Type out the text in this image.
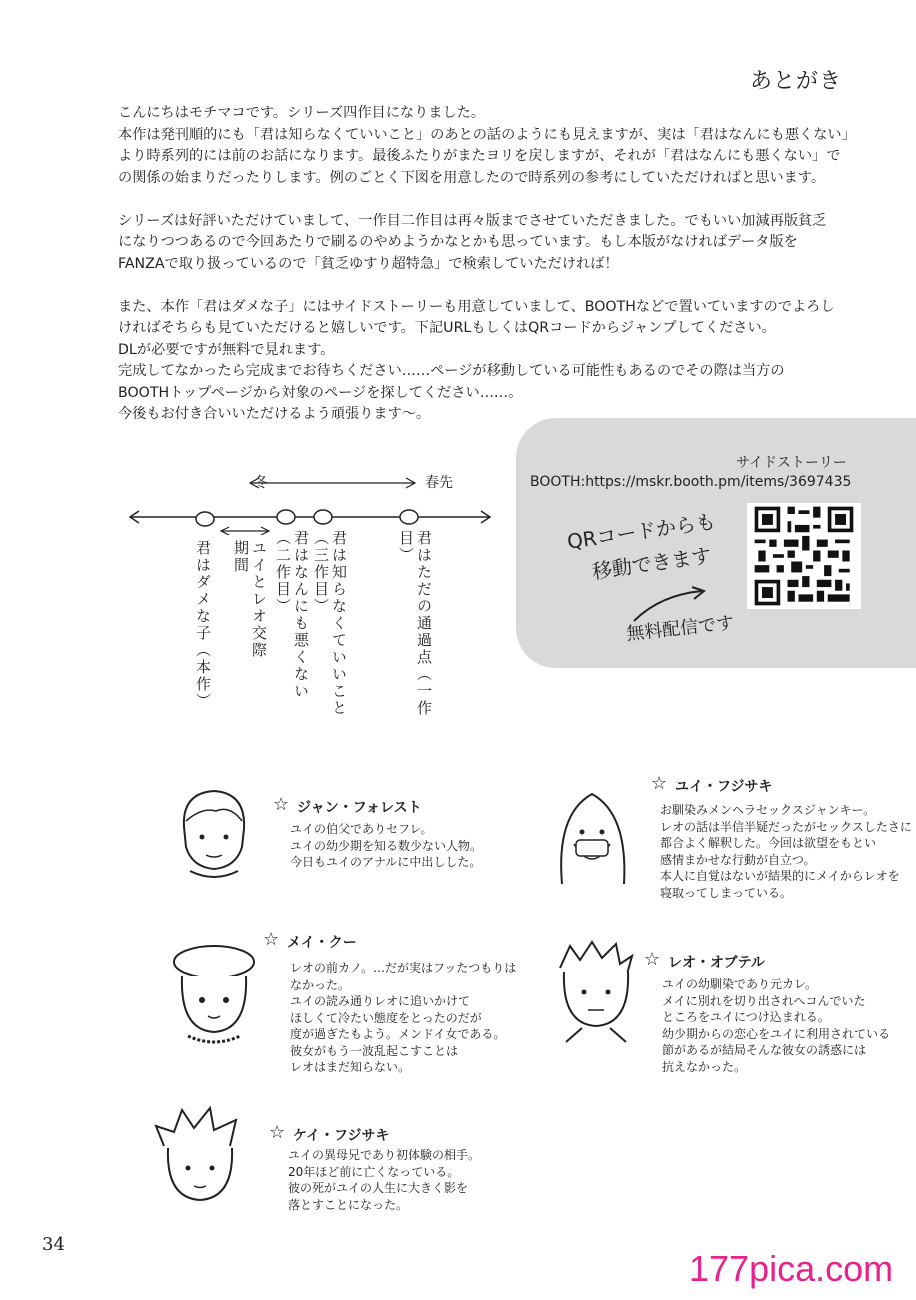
あとがき
こんにちはモチマコです。シリーズ四作目になりました。
本作は発刊順的にも「君は知らなくていいこと」のあとの話のようにも見えますが、実は「君はなんにも悪くない」
より時系列的には前のお話になります。最後ふたりがまたヨリを戻しますが、それが「君はなんにも悪くない」で
の関係の始まりだったりします。例のごとく下図を用意したので時系列の参考にしていただければと思います。
シリーズは好評いただけていまして、一作目二作目は再々版までさせていただきました。でもいい加減再版貧乏
になりつつあるので今回あたりで刷るのやめようかなとかも思っています。もし本版がなければデータ版を
FANZAで取り扱っているので「貧乏ゆすり超特急」で検索していただければ！
また、本作「君はダメな子」にはサイドストーリーも用意していまして、BOOTHなどで置いていますのでよろし
ければそちらも見ていただけると嬉しいです。下記URLもしくはQRコードからジャンプしてください。
DLが必要ですが無料で見れます。
完成してなかったら完成までお待ちください……ページが移動している可能性もあるのでその際は当方の
BOOTHトップページから対象のページを探してください……。
今後もお付き合いいただけるよう頑張ります〜。
サイドストーリー
BOOTH:https://mskr.booth.pm/items/3697435
QRコードからも
移動できます
無料配信です
冬	春先
君はダメな子（本作）	ユイとレオ交際期間	君はなんにも悪くない（二作目）	君は知らなくていいこと（三作目）	君はただの通過点（一作目）
☆ ジャン・フォレスト
ユイの伯父でありセフレ。
ユイの幼少期を知る数少ない人物。
今日もユイのアナルに中出しした。
☆ ユイ・フジサキ
お馴染みメンヘラセックスジャンキー。
レオの話は半信半疑だったがセックスしたさに
都合よく解釈した。今回は欲望をもとい
感情まかせな行動が自立つ。
本人に自覚はないが結果的にメイからレオを
寝取ってしまっている。
☆ メイ・クー
レオの前カノ。…だが実はフッたつもりは
なかった。
ユイの読み通りレオに追いかけて
ほしくて冷たい態度をとったのだが
度が過ぎたもよう。メンドイ女である。
彼女がもう一波乱起こすことは
レオはまだ知らない。
☆ レオ・オブテル
ユイの幼馴染であり元カレ。
メイに別れを切り出されへコんでいた
ところをユイにつけ込まれる。
幼少期からの恋心をユイに利用されている
節があるが結局そんな彼女の誘惑には
抗えなかった。
☆ ケイ・フジサキ
ユイの異母兄であり初体験の相手。
20年ほど前に亡くなっている。
彼の死がユイの人生に大きく影を
落とすことになった。
34
177pica.com
